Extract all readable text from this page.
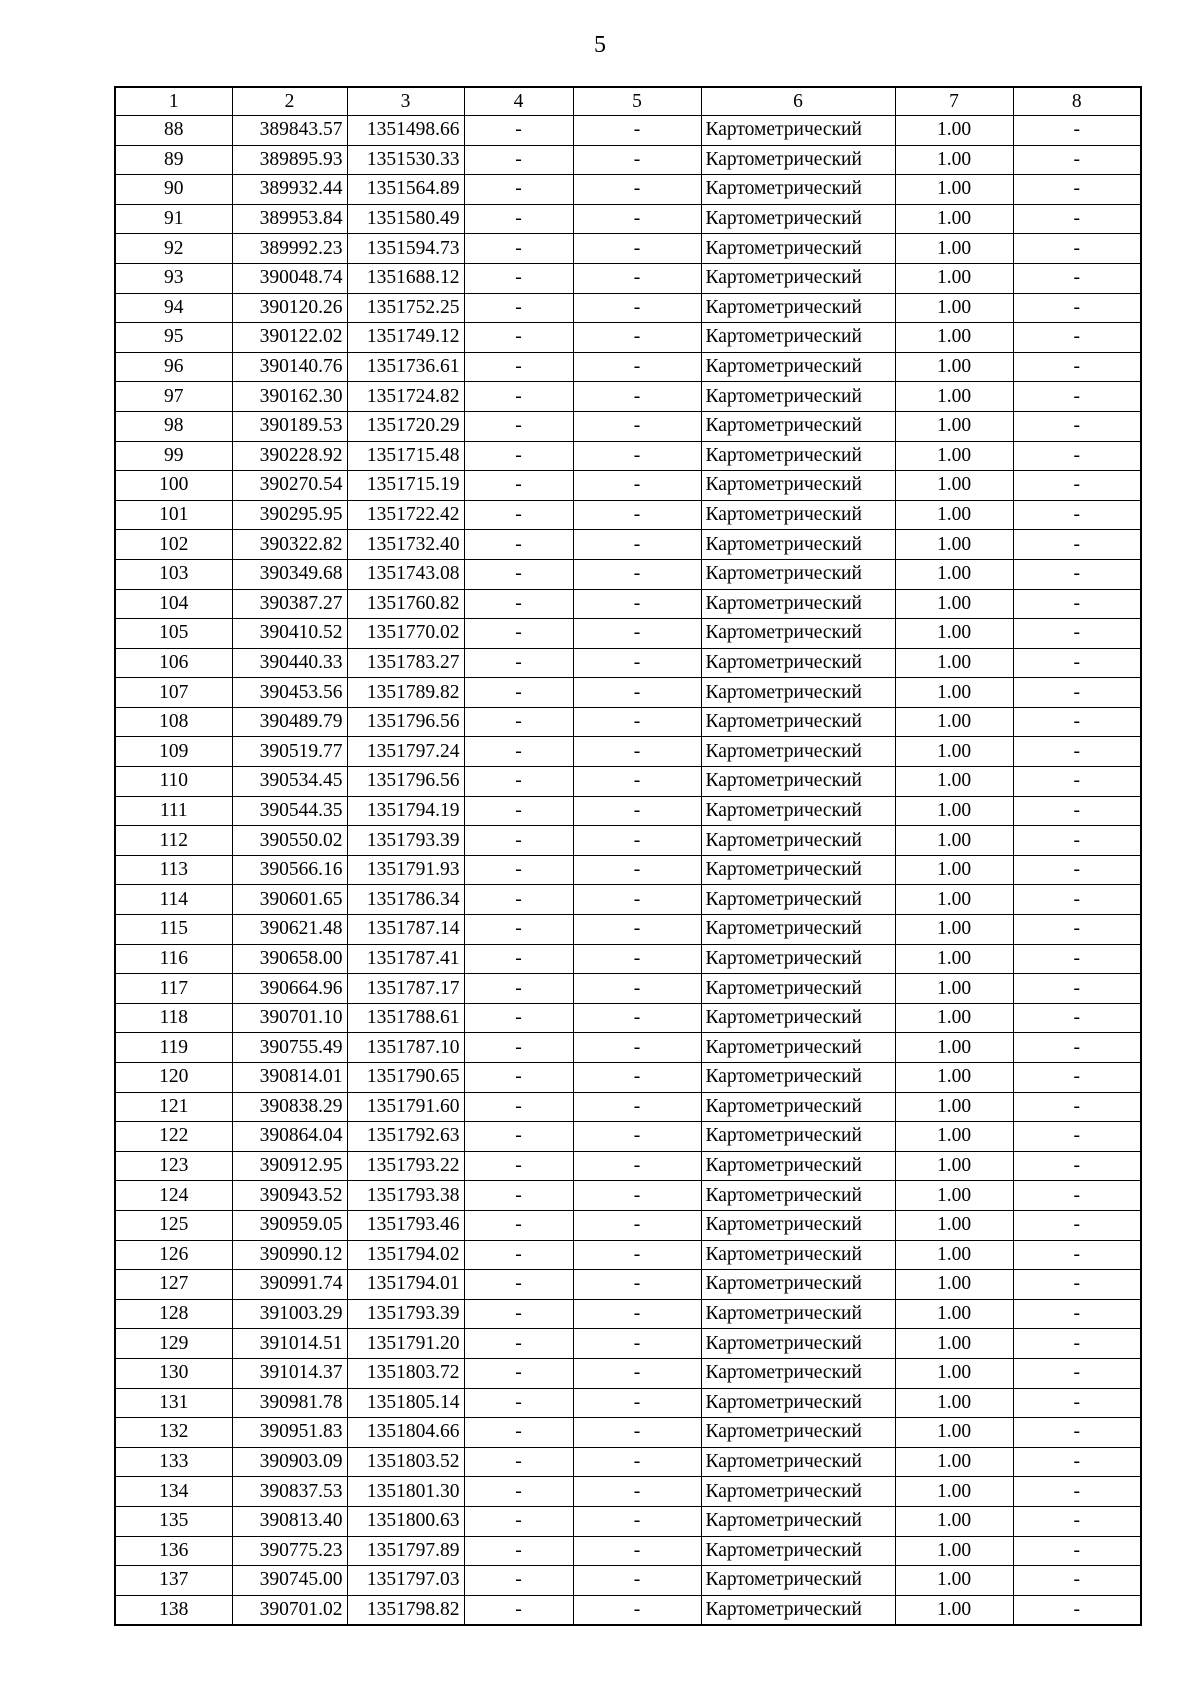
5
1	2	3	4	5	6	7	8
88	389843.57	1351498.66	-	-	Картометрический	1.00	-
89	389895.93	1351530.33	-	-	Картометрический	1.00	-
90	389932.44	1351564.89	-	-	Картометрический	1.00	-
91	389953.84	1351580.49	-	-	Картометрический	1.00	-
92	389992.23	1351594.73	-	-	Картометрический	1.00	-
93	390048.74	1351688.12	-	-	Картометрический	1.00	-
94	390120.26	1351752.25	-	-	Картометрический	1.00	-
95	390122.02	1351749.12	-	-	Картометрический	1.00	-
96	390140.76	1351736.61	-	-	Картометрический	1.00	-
97	390162.30	1351724.82	-	-	Картометрический	1.00	-
98	390189.53	1351720.29	-	-	Картометрический	1.00	-
99	390228.92	1351715.48	-	-	Картометрический	1.00	-
100	390270.54	1351715.19	-	-	Картометрический	1.00	-
101	390295.95	1351722.42	-	-	Картометрический	1.00	-
102	390322.82	1351732.40	-	-	Картометрический	1.00	-
103	390349.68	1351743.08	-	-	Картометрический	1.00	-
104	390387.27	1351760.82	-	-	Картометрический	1.00	-
105	390410.52	1351770.02	-	-	Картометрический	1.00	-
106	390440.33	1351783.27	-	-	Картометрический	1.00	-
107	390453.56	1351789.82	-	-	Картометрический	1.00	-
108	390489.79	1351796.56	-	-	Картометрический	1.00	-
109	390519.77	1351797.24	-	-	Картометрический	1.00	-
110	390534.45	1351796.56	-	-	Картометрический	1.00	-
111	390544.35	1351794.19	-	-	Картометрический	1.00	-
112	390550.02	1351793.39	-	-	Картометрический	1.00	-
113	390566.16	1351791.93	-	-	Картометрический	1.00	-
114	390601.65	1351786.34	-	-	Картометрический	1.00	-
115	390621.48	1351787.14	-	-	Картометрический	1.00	-
116	390658.00	1351787.41	-	-	Картометрический	1.00	-
117	390664.96	1351787.17	-	-	Картометрический	1.00	-
118	390701.10	1351788.61	-	-	Картометрический	1.00	-
119	390755.49	1351787.10	-	-	Картометрический	1.00	-
120	390814.01	1351790.65	-	-	Картометрический	1.00	-
121	390838.29	1351791.60	-	-	Картометрический	1.00	-
122	390864.04	1351792.63	-	-	Картометрический	1.00	-
123	390912.95	1351793.22	-	-	Картометрический	1.00	-
124	390943.52	1351793.38	-	-	Картометрический	1.00	-
125	390959.05	1351793.46	-	-	Картометрический	1.00	-
126	390990.12	1351794.02	-	-	Картометрический	1.00	-
127	390991.74	1351794.01	-	-	Картометрический	1.00	-
128	391003.29	1351793.39	-	-	Картометрический	1.00	-
129	391014.51	1351791.20	-	-	Картометрический	1.00	-
130	391014.37	1351803.72	-	-	Картометрический	1.00	-
131	390981.78	1351805.14	-	-	Картометрический	1.00	-
132	390951.83	1351804.66	-	-	Картометрический	1.00	-
133	390903.09	1351803.52	-	-	Картометрический	1.00	-
134	390837.53	1351801.30	-	-	Картометрический	1.00	-
135	390813.40	1351800.63	-	-	Картометрический	1.00	-
136	390775.23	1351797.89	-	-	Картометрический	1.00	-
137	390745.00	1351797.03	-	-	Картометрический	1.00	-
138	390701.02	1351798.82	-	-	Картометрический	1.00	-
